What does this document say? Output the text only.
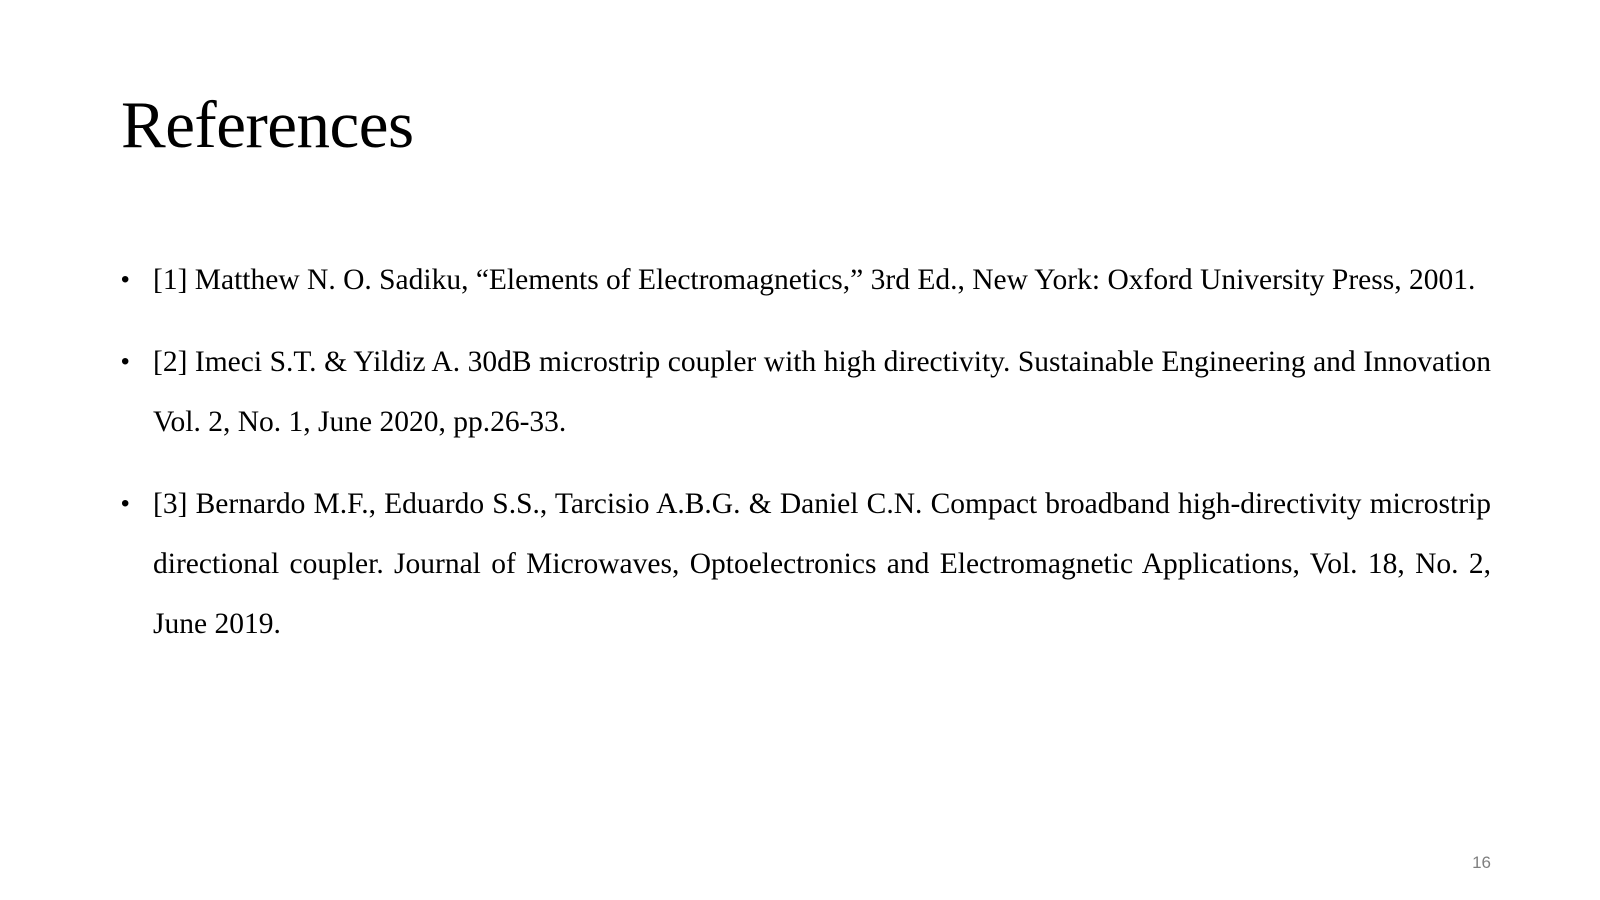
References
• [1] Matthew N. O. Sadiku, “Elements of Electromagnetics,” 3rd Ed., New York: Oxford University Press, 2001.
• [2] Imeci S.T. & Yildiz A. 30dB microstrip coupler with high directivity. Sustainable Engineering and Innovation Vol. 2, No. 1, June 2020, pp.26-33.
• [3] Bernardo M.F., Eduardo S.S., Tarcisio A.B.G. & Daniel C.N. Compact broadband high-directivity microstrip directional coupler. Journal of Microwaves, Optoelectronics and Electromagnetic Applications, Vol. 18, No. 2, June 2019.
16
